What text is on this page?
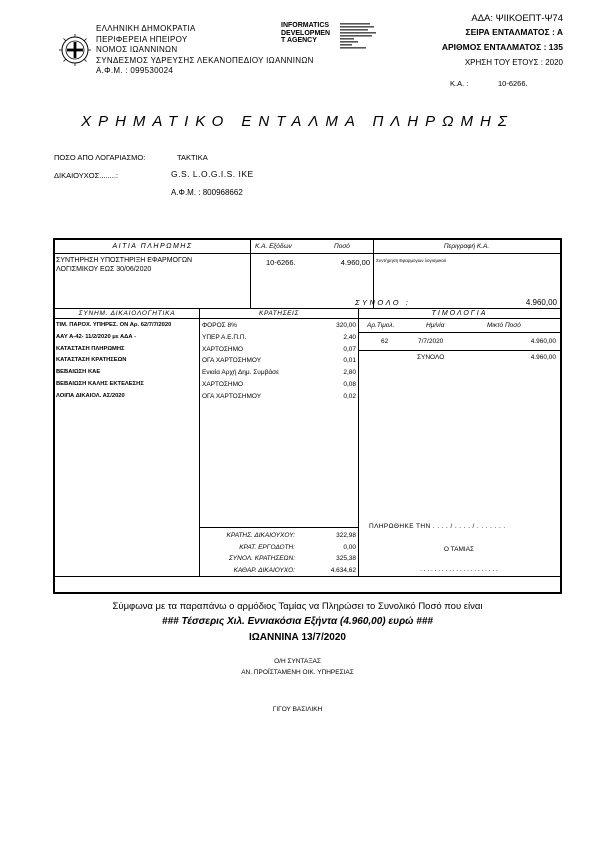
ΕΛΛΗΝΙΚΗ ΔΗΜΟΚΡΑΤΙΑ
ΠΕΡΙΦΕΡΕΙΑ ΗΠΕΙΡΟΥ
ΝΟΜΟΣ ΙΩΑΝΝΙΝΩΝ
ΣΥΝΔΕΣΜΟΣ ΥΔΡΕΥΣΗΣ ΛΕΚΑΝΟΠΕΔΙΟΥ ΙΩΑΝΝΙΝΩΝ
Α.Φ.Μ. : 099530024
INFORMATICS
DEVELOPMEN
T AGENCY
ΑΔΑ: ΨΙΙΚΟΕΠΤ-Ψ74
ΣΕΙΡΑ ΕΝΤΑΛΜΑΤΟΣ : Α
ΑΡΙΘΜΟΣ ΕΝΤΑΛΜΑΤΟΣ : 135
ΧΡΗΣΗ ΤΟΥ ΕΤΟΥΣ : 2020
Κ.Α. :	10-6266.
ΧΡΗΜΑΤΙΚΟ ΕΝΤΑΛΜΑ ΠΛΗΡΩΜΗΣ
ΠΟΣΟ ΑΠΟ ΛΟΓΑΡΙΑΣΜΟ:	ΤΑΚΤΙΚΑ
ΔΙΚΑΙΟΥΧΟΣ........:	G.S. L.O.G.I.S. IKE
Α.Φ.Μ. : 800968662
ΑΙΤΙΑ ΠΛΗΡΩΜΗΣ	Κ.Α. Εξόδων	Ποσό	Περιγραφή Κ.Α.
ΣΥΝΤΗΡΗΣΗ ΥΠΟΣΤΗΡΙΞΗ ΕΦΑΡΜΟΓΩΝ
ΛΟΓΙΣΜΙΚΟΥ ΕΩΣ 30/06/2020
10-6266.	4.960,00 Συντήρηση Εφαρμογών λογισμικού
ΣΥΝΟΛΟ :	4.960,00
ΣΥΝΗΜ. ΔΙΚΑΙΟΛΟΓΗΤΙΚΑ	ΚΡΑΤΗΣΕΙΣ	ΤΙΜΟΛΟΓΙΑ
ΤΙΜ. ΠΑΡΟΧ. ΥΠΗΡΕΣ. ΟΝ Αρ. 62/7/7/2020
ΑΑΥ Α-42- 11/2/2020 με ΑΔΑ -
ΚΑΤΑΣΤΑΣΗ ΠΛΗΡΩΜΗΣ
ΚΑΤΑΣΤΑΣΗ ΚΡΑΤΗΣΕΩΝ
ΒΕΒΑΙΩΣΗ ΚΑΕ
ΒΕΒΑΙΩΣΗ ΚΑΛΗΣ ΕΚΤΕΛΕΣΗΣ
ΛΟΙΠΑ ΔΙΚΑΙΟΛ. ΑΣ/2020
ΦΟΡΟΣ 8%	320,00
ΥΠΕΡ Α.Ε.Π.Π.	2,40
ΧΑΡΤΟΣΗΜΟ	0,07
ΟΓΑ ΧΑΡΤΟΣΗΜΟΥ	0,01
Ενιαία Αρχή Δημ. Συμβάσε	2,80
ΧΑΡΤΟΣΗΜΟ	0,08
ΟΓΑ ΧΑΡΤΟΣΗΜΟΥ	0,02
ΚΡΑΤΗΣ. ΔΙΚΑΙΟΥΧΟΥ:	322,98
ΚΡΑΤ. ΕΡΓΟΔΟΤΗ:	0,00
ΣΥΝΟΛ. ΚΡΑΤΗΣΕΩΝ:	325,38
ΚΑΘΑΡ. ΔΙΚΑΙΟΥΧΟ:	4.634,62
Αρ.Τιμολ.	Ημ/νία	Μικτό Ποσό
62	7/7/2020	4.960,00
ΣΥΝΟΛΟ	4.960,00
ΠΛΗΡΩΘΗΚΕ ΤΗΝ . . . . / . . . . / . . . . . . .
Ο ΤΑΜΙΑΣ
. . . . . . . . . . . . . . . . . . . . . .
Σύμφωνα με τα παραπάνω ο αρμόδιος Ταμίας να Πληρώσει το Συνολικό Ποσό που είναι
### Τέσσερις Χιλ. Εννιακόσια Εξήντα (4.960,00) ευρώ ###
ΙΩΑΝΝΙΝΑ 13/7/2020
Ο/Η ΣΥΝΤΑΞΑΣ
ΑΝ. ΠΡΟΪΣΤΑΜΕΝΗ ΟΙΚ. ΥΠΗΡΕΣΙΑΣ
ΓΙΓΟΥ ΒΑΣΙΛΙΚΗ
